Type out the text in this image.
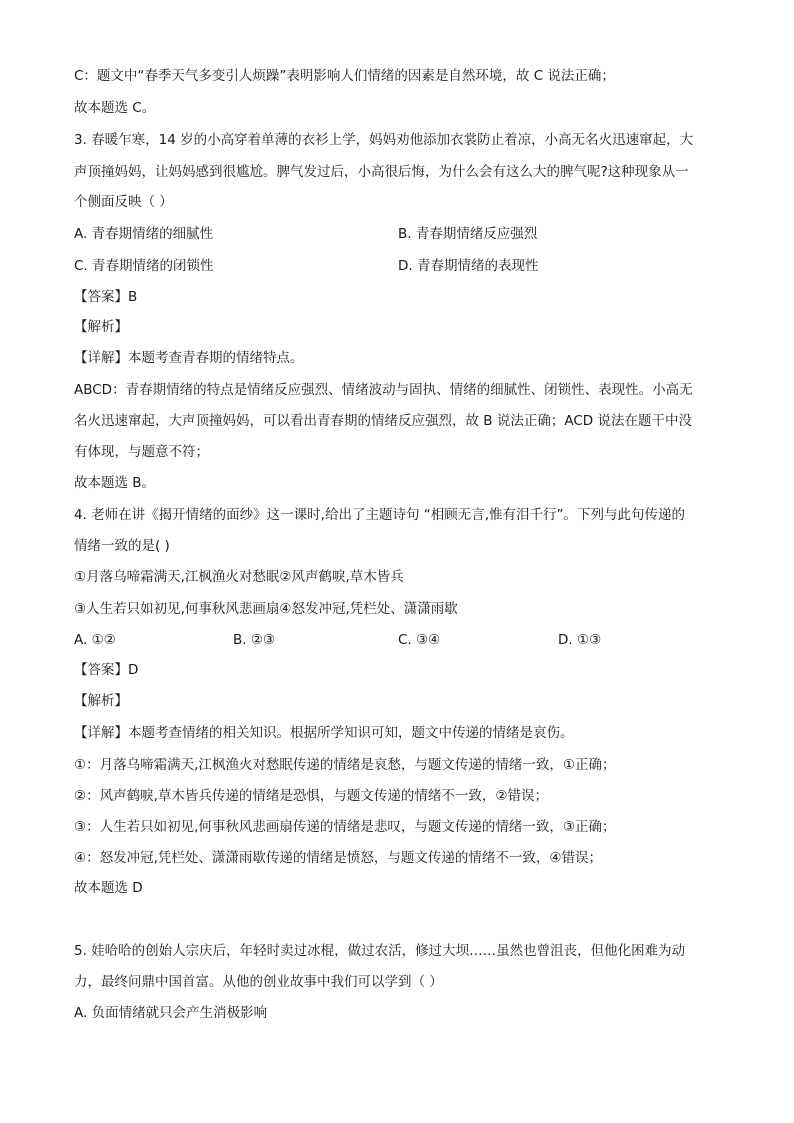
C：题文中“春季天气多变引人烦躁”表明影响人们情绪的因素是自然环境，故 C 说法正确；
故本题选 C。
3. 春暖乍寒，14 岁的小高穿着单薄的衣衫上学，妈妈劝他添加衣裳防止着凉，小高无名火迅速窜起，大
声顶撞妈妈，让妈妈感到很尴尬。脾气发过后，小高很后悔，为什么会有这么大的脾气呢?这种现象从一
个侧面反映（ ）
A. 青春期情绪的细腻性	B. 青春期情绪反应强烈
C. 青春期情绪的闭锁性	D. 青春期情绪的表现性
【答案】B
【解析】
【详解】本题考查青春期的情绪特点。
ABCD：青春期情绪的特点是情绪反应强烈、情绪波动与固执、情绪的细腻性、闭锁性、表现性。小高无
名火迅速窜起，大声顶撞妈妈，可以看出青春期的情绪反应强烈，故 B 说法正确；ACD 说法在题干中没
有体现，与题意不符；
故本题选 B。
4. 老师在讲《揭开情绪的面纱》这一课时,给出了主题诗句 “相顾无言,惟有泪千行”。下列与此句传递的
情绪一致的是( )
①月落乌啼霜满天,江枫渔火对愁眠②风声鹤唳,草木皆兵
③人生若只如初见,何事秋风悲画扇④怒发冲冠,凭栏处、潇潇雨歇
A. ①②	B. ②③	C. ③④	D. ①③
【答案】D
【解析】
【详解】本题考查情绪的相关知识。根据所学知识可知，题文中传递的情绪是哀伤。
①：月落乌啼霜满天,江枫渔火对愁眠传递的情绪是哀愁，与题文传递的情绪一致，①正确；
②：风声鹤唳,草木皆兵传递的情绪是恐惧，与题文传递的情绪不一致，②错误；
③：人生若只如初见,何事秋风悲画扇传递的情绪是悲叹，与题文传递的情绪一致，③正确；
④：怒发冲冠,凭栏处、潇潇雨歇传递的情绪是愤怒，与题文传递的情绪不一致，④错误；
故本题选 D
5. 娃哈哈的创始人宗庆后，年轻时卖过冰棍，做过农活，修过大坝……虽然也曾沮丧，但他化困难为动
力，最终问鼎中国首富。从他的创业故事中我们可以学到（ ）
A. 负面情绪就只会产生消极影响
